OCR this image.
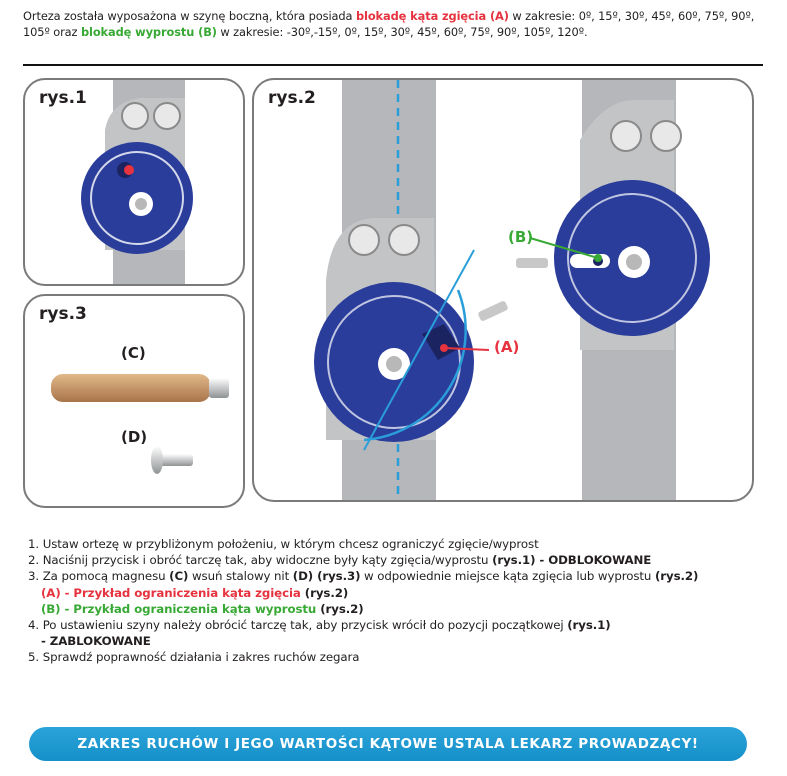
Orteza została wyposażona w szynę boczną, która posiada blokadę kąta zgięcia (A) w zakresie: 0º, 15º, 30º, 45º, 60º, 75º, 90º, 105º oraz blokadę wyprostu (B) w zakresie: -30º,-15º, 0º, 15º, 30º, 45º, 60º, 75º, 90º, 105º, 120º.
rys.1
rys.3
(C)
(D)
rys.2
(A)
(B)
1. Ustaw ortezę w przybliżonym położeniu, w którym chcesz ograniczyć zgięcie/wyprost
2. Naciśnij przycisk i obróć tarczę tak, aby widoczne były kąty zgięcia/wyprostu (rys.1) - ODBLOKOWANE
3. Za pomocą magnesu (C) wsuń stalowy nit (D) (rys.3) w odpowiednie miejsce kąta zgięcia lub wyprostu (rys.2)
(A) - Przykład ograniczenia kąta zgięcia (rys.2)
(B) - Przykład ograniczenia kąta wyprostu (rys.2)
4. Po ustawieniu szyny należy obrócić tarczę tak, aby przycisk wrócił do pozycji początkowej (rys.1)
- ZABLOKOWANE
5. Sprawdź poprawność działania i zakres ruchów zegara
ZAKRES RUCHÓW I JEGO WARTOŚCI KĄTOWE USTALA LEKARZ PROWADZĄCY!
